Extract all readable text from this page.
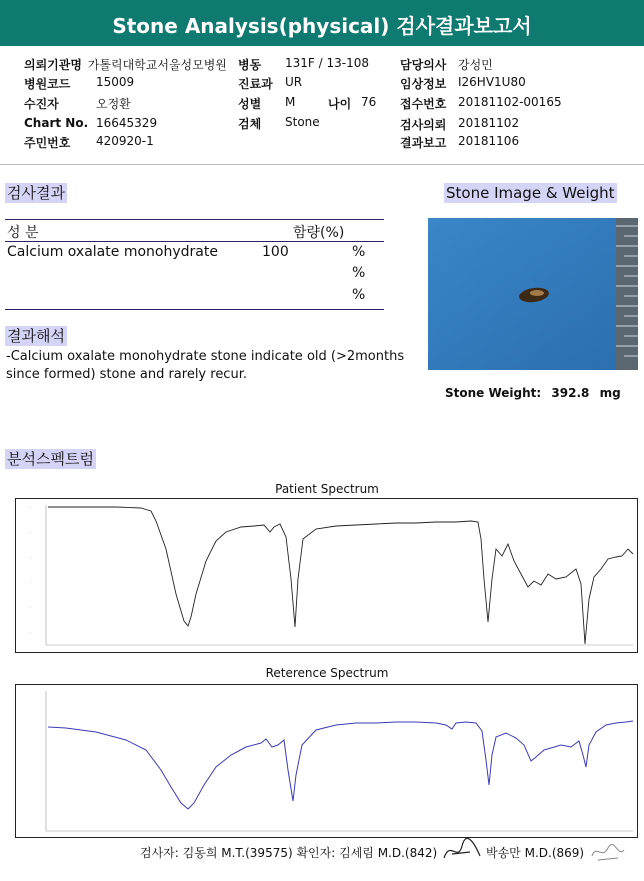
Stone Analysis(physical) 검사결과보고서
의뢰기관명 가톨릭대학교서울성모병원
병원코드 15009
수진자	오정환
Chart No. 16645329
주민번호 420920-1
병동 131F / 13-108
진료과 UR
성별 M	나이 76
검체 Stone
담당의사 강성민
임상정보 I26HV1U80
접수번호 20181102-00165
검사의뢰 20181102
결과보고 20181106
검사결과
성 분	함량(%)
Calcium oxalate monohydrate	100	%
%
%
Stone Image & Weight
Stone Weight: 392.8 mg
결과해석
-Calcium oxalate monohydrate stone indicate old (>2months
since formed) stone and rarely recur.
분석스펙트럼
Patient Spectrum
·
·
·
·
·
·
Reterence Spectrum
검사자: 김동희 M.T.(39575) 확인자: 김세림 M.D.(842)	박송만 M.D.(869)
